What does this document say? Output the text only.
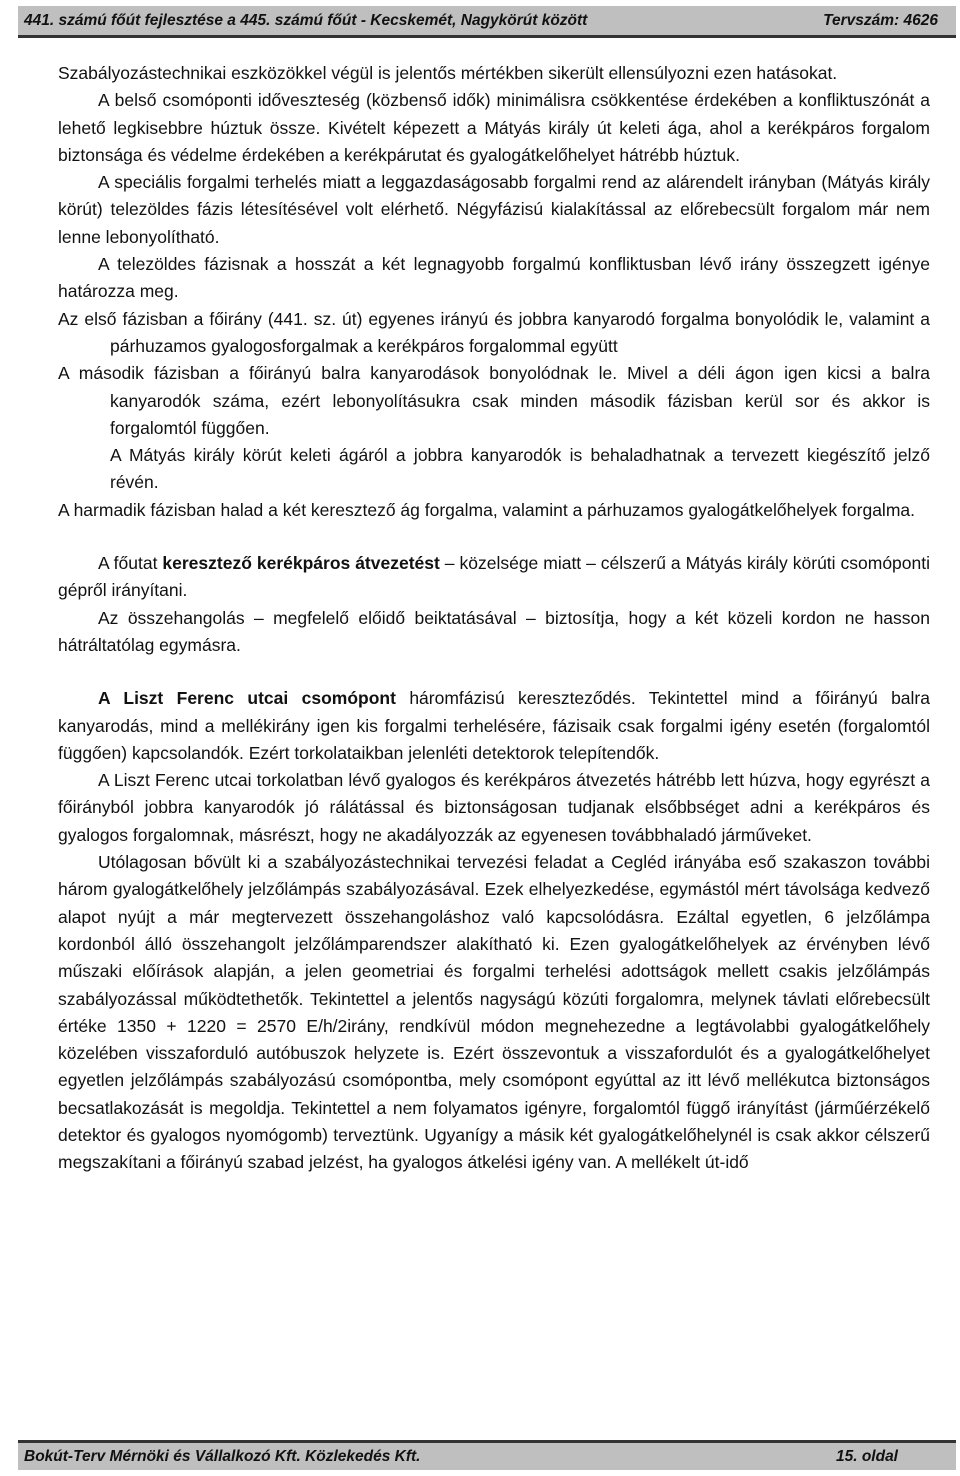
441. számú főút fejlesztése a 445. számú főút - Kecskemét, Nagykörút között	Tervszám: 4626

Szabályozástechnikai eszközökkel végül is jelentős mértékben sikerült ellensúlyozni ezen hatásokat.

A belső csomóponti időveszteség (közbenső idők) minimálisra csökkentése érdekében a konfliktuszónát a lehető legkisebbre húztuk össze. Kivételt képezett a Mátyás király út keleti ága, ahol a kerékpáros forgalom biztonsága és védelme érdekében a kerékpárutat és gyalogátkelőhelyet hátrébb húztuk.

A speciális forgalmi terhelés miatt a leggazdaságosabb forgalmi rend az alárendelt irányban (Mátyás király körút) telezöldes fázis létesítésével volt elérhető. Négyfázisú kialakítással az előrebecsült forgalom már nem lenne lebonyolítható.

A telezöldes fázisnak a hosszát a két legnagyobb forgalmú konfliktusban lévő irány összegzett igénye határozza meg.

Az első fázisban a főirány (441. sz. út) egyenes irányú és jobbra kanyarodó forgalma bonyolódik le, valamint a párhuzamos gyalogosforgalmak a kerékpáros forgalommal együtt

A második fázisban a főirányú balra kanyarodások bonyolódnak le. Mivel a déli ágon igen kicsi a balra kanyarodók száma, ezért lebonyolításukra csak minden második fázisban kerül sor és akkor is forgalomtól függően.

A Mátyás király körút keleti ágáról a jobbra kanyarodók is behaladhatnak a tervezett kiegészítő jelző révén.

A harmadik fázisban halad a két keresztező ág forgalma, valamint a párhuzamos gyalogátkelőhelyek forgalma.

A főutat keresztező kerékpáros átvezetést – közelsége miatt – célszerű a Mátyás király körúti csomóponti gépről irányítani.

Az összehangolás – megfelelő előidő beiktatásával – biztosítja, hogy a két közeli kordon ne hasson hátráltatólag egymásra.

A Liszt Ferenc utcai csomópont háromfázisú kereszteződés. Tekintettel mind a főirányú balra kanyarodás, mind a mellékirány igen kis forgalmi terhelésére, fázisaik csak forgalmi igény esetén (forgalomtól függően) kapcsolandók. Ezért torkolataikban jelenléti detektorok telepítendők.

A Liszt Ferenc utcai torkolatban lévő gyalogos és kerékpáros átvezetés hátrébb lett húzva, hogy egyrészt a főirányból jobbra kanyarodók jó rálátással és biztonságosan tudjanak elsőbbséget adni a kerékpáros és gyalogos forgalomnak, másrészt, hogy ne akadályozzák az egyenesen továbbhaladó járműveket.

Utólagosan bővült ki a szabályozástechnikai tervezési feladat a Cegléd irányába eső szakaszon további három gyalogátkelőhely jelzőlámpás szabályozásával. Ezek elhelyezkedése, egymástól mért távolsága kedvező alapot nyújt a már megtervezett összehangoláshoz való kapcsolódásra. Ezáltal egyetlen, 6 jelzőlámpa kordonból álló összehangolt jelzőlámparendszer alakítható ki. Ezen gyalogátkelőhelyek az érvényben lévő műszaki előírások alapján, a jelen geometriai és forgalmi terhelési adottságok mellett csakis jelzőlámpás szabályozással működtethetők. Tekintettel a jelentős nagyságú közúti forgalomra, melynek távlati előrebecsült értéke 1350 + 1220 = 2570 E/h/2irány, rendkívül módon megnehezedne a legtávolabbi gyalogátkelőhely közelében visszaforduló autóbuszok helyzete is. Ezért összevontuk a visszafordulót és a gyalogátkelőhelyet egyetlen jelzőlámpás szabályozású csomópontba, mely csomópont egyúttal az itt lévő mellékutca biztonságos becsatlakozását is megoldja. Tekintettel a nem folyamatos igényre, forgalomtól függő irányítást (járműérzékelő detektor és gyalogos nyomógomb) terveztünk. Ugyanígy a másik két gyalogátkelőhelynél is csak akkor célszerű megszakítani a főirányú szabad jelzést, ha gyalogos átkelési igény van. A mellékelt út-idő

Bokút-Terv Mérnöki és Vállalkozó Kft. Közlekedés Kft.	15. oldal
